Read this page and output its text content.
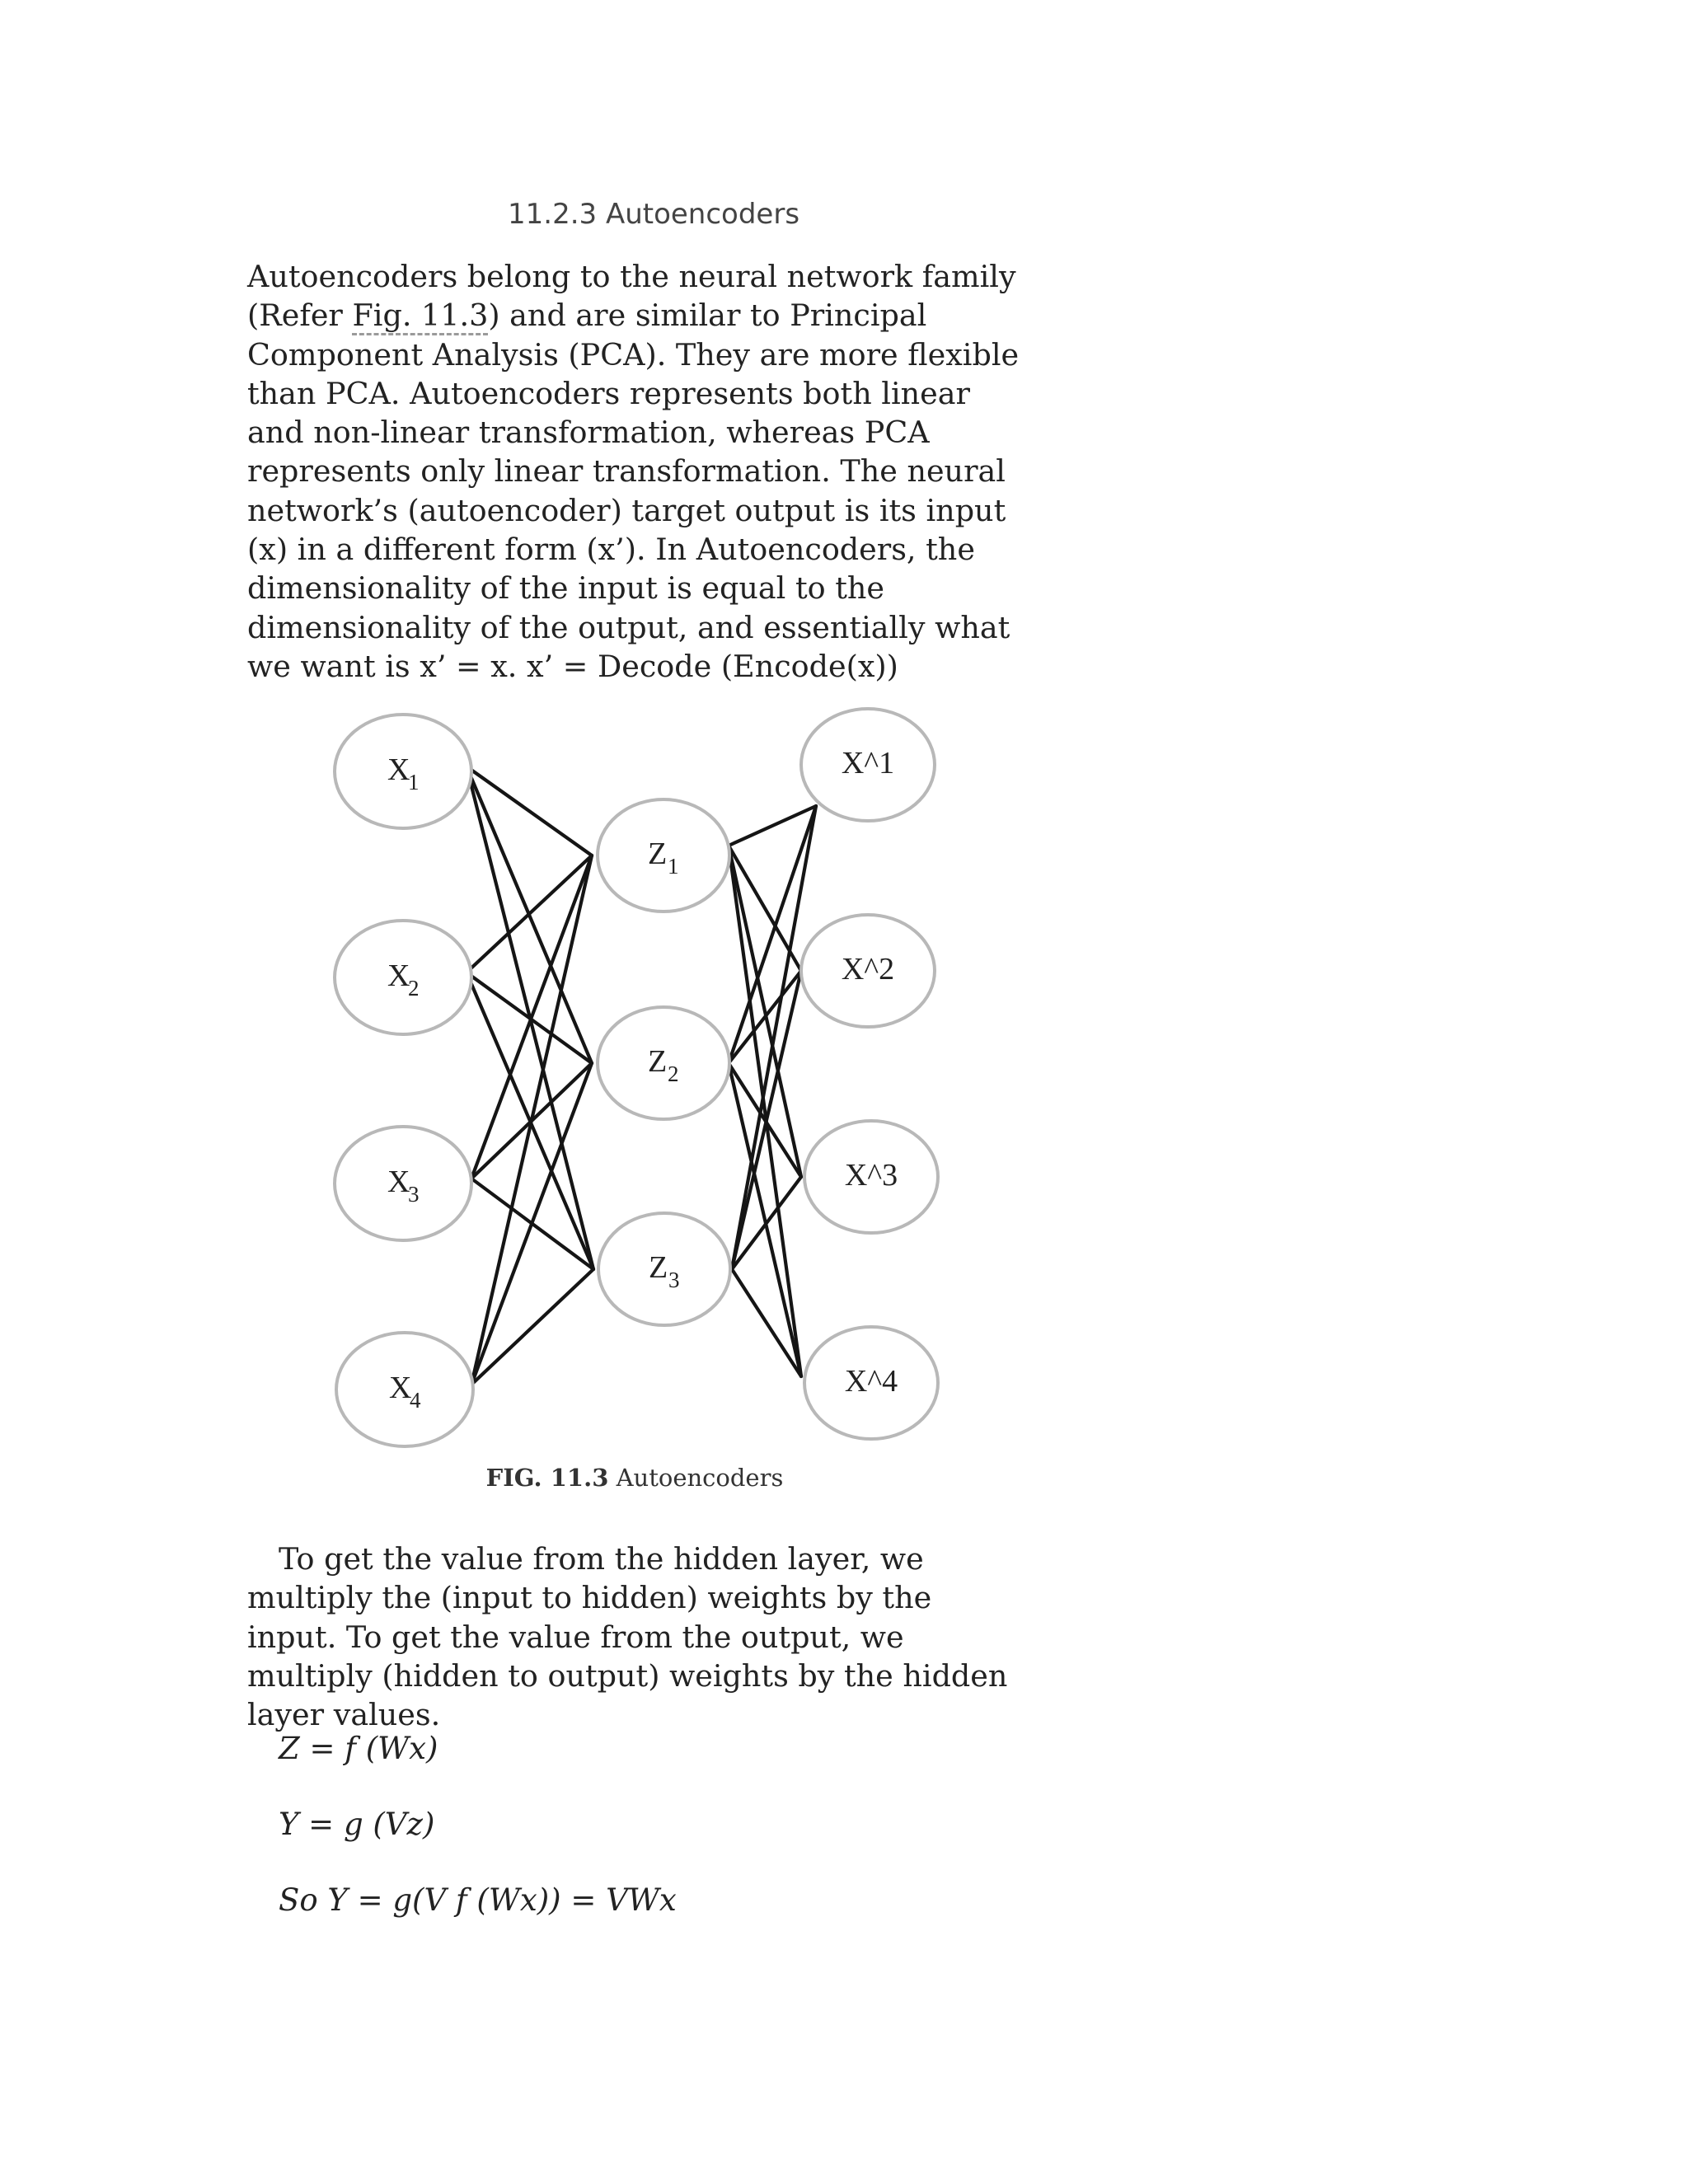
11.2.3 Autoencoders

Autoencoders belong to the neural network family (Refer Fig. 11.3) and are similar to Principal Component Analysis (PCA). They are more flexible than PCA. Autoencoders represents both linear and non-linear transformation, whereas PCA represents only linear transformation. The neural network’s (autoencoder) target output is its input (x) in a different form (x’). In Autoencoders, the dimensionality of the input is equal to the dimensionality of the output, and essentially what we want is x’ = x. x’ = Decode (Encode(x))

X
1
X
2
X
3
X
4
Z 1
Z 2
Z 3
X^1
X^2
X^3
X^4

FIG. 11.3 Autoencoders

To get the value from the hidden layer, we multiply the (input to hidden) weights by the input. To get the value from the output, we multiply (hidden to output) weights by the hidden layer values.

Z = f (Wx)

Y = g (Vz)

So Y = g(V f (Wx)) = VWx
